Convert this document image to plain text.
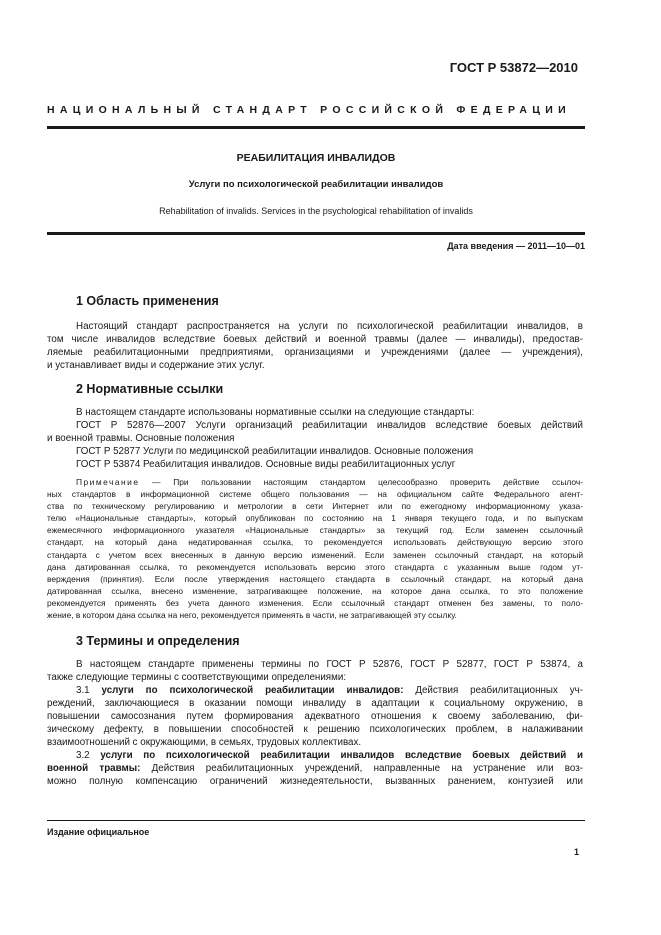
ГОСТ Р 53872—2010
НАЦИОНАЛЬНЫЙ СТАНДАРТ РОССИЙСКОЙ ФЕДЕРАЦИИ
РЕАБИЛИТАЦИЯ ИНВАЛИДОВ
Услуги по психологической реабилитации инвалидов
Rehabilitation of invalids. Services in the psychological rehabilitation of invalids
Дата введения — 2011—10—01
1 Область применения
Настоящий стандарт распространяется на услуги по психологической реабилитации инвалидов, в
том числе инвалидов вследствие боевых действий и военной травмы (далее — инвалиды), предостав-
ляемые реабилитационными предприятиями, организациями и учреждениями (далее — учреждения),
и устанавливает виды и содержание этих услуг.
2 Нормативные ссылки
В настоящем стандарте использованы нормативные ссылки на следующие стандарты:
ГОСТ Р 52876—2007 Услуги организаций реабилитации инвалидов вследствие боевых действий
и военной травмы. Основные положения
ГОСТ Р 52877 Услуги по медицинской реабилитации инвалидов. Основные положения
ГОСТ Р 53874 Реабилитация инвалидов. Основные виды реабилитационных услуг
Примечание — При пользовании настоящим стандартом целесообразно проверить действие ссылоч-
ных стандартов в информационной системе общего пользования — на официальном сайте Федерального агент-
ства по техническому регулированию и метрологии в сети Интернет или по ежегодному информационному указа-
телю «Национальные стандарты», который опубликован по состоянию на 1 января текущего года, и по выпускам
ежемесячного информационного указателя «Национальные стандарты» за текущий год. Если заменен ссылочный
стандарт, на который дана недатированная ссылка, то рекомендуется использовать действующую версию этого
стандарта с учетом всех внесенных в данную версию изменений. Если заменен ссылочный стандарт, на который
дана датированная ссылка, то рекомендуется использовать версию этого стандарта с указанным выше годом ут-
верждения (принятия). Если после утверждения настоящего стандарта в ссылочный стандарт, на который дана
датированная ссылка, внесено изменение, затрагивающее положение, на которое дана ссылка, то это положение
рекомендуется применять без учета данного изменения. Если ссылочный стандарт отменен без замены, то поло-
жение, в котором дана ссылка на него, рекомендуется применять в части, не затрагивающей эту ссылку.
3 Термины и определения
В настоящем стандарте применены термины по ГОСТ Р 52876, ГОСТ Р 52877, ГОСТ Р 53874, а
также следующие термины с соответствующими определениями:
3.1 услуги по психологической реабилитации инвалидов: Действия реабилитационных уч-
реждений, заключающиеся в оказании помощи инвалиду в адаптации к социальному окружению, в
повышении самосознания путем формирования адекватного отношения к своему заболеванию, фи-
зическому дефекту, в повышении способностей к решению психологических проблем, в налаживании
взаимоотношений с окружающими, в семьях, трудовых коллективах.
3.2 услуги по психологической реабилитации инвалидов вследствие боевых действий и
военной травмы: Действия реабилитационных учреждений, направленные на устранение или воз-
можно полную компенсацию ограничений жизнедеятельности, вызванных ранением, контузией или
Издание официальное
1
